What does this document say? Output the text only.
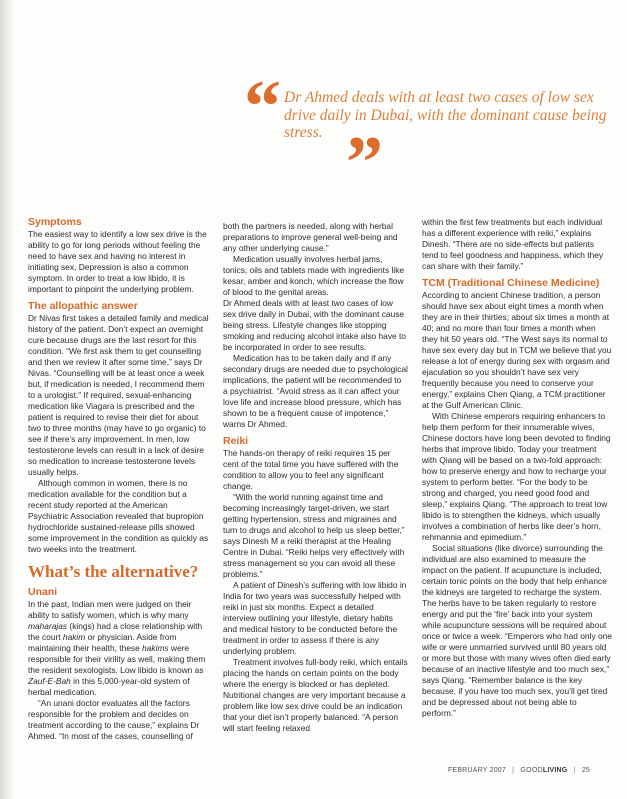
“ Dr Ahmed deals with at least two cases of low sex drive daily in Dubai, with the dominant cause being stress. ”
Symptoms

The easiest way to identify a low sex drive is the ability to go for long periods without feeling the need to have sex and having no interest in initiating sex. Depression is also a common symptom. In order to treat a low libido, it is important to pinpoint the underlying problem.

The allopathic answer

Dr Nivas first takes a detailed family and medical history of the patient. Don’t expect an overnight cure because drugs are the last resort for this condition. “We first ask them to get counselling and then we review it after some time,” says Dr Nivas. “Counselling will be at least once a week but, if medication is needed, I recommend them to a urologist.” If required, sexual-enhancing medication like Viagara is prescribed and the patient is required to revise their diet for about two to three months (may have to go organic) to see if there’s any improvement. In men, low testosterone levels can result in a lack of desire so medication to increase testosterone levels usually helps.

Although common in women, there is no medication available for the condition but a recent study reported at the American Psychiatric Association revealed that bupropion hydrochloride sustained-release pills showed some improvement in the condition as quickly as two weeks into the treatment.

What’s the alternative?
Unani

In the past, Indian men were judged on their ability to satisfy women, which is why many maharajas (kings) had a close relationship with the court hakim or physician. Aside from maintaining their health, these hakims were responsible for their virility as well, making them the resident sexologists. Low libido is known as Zauf-E-Bah in this 5,000-year-old system of herbal medication.

“An unani doctor evaluates all the factors responsible for the problem and decides on treatment according to the cause,” explains Dr Ahmed. “In most of the cases, counselling of

both the partners is needed, along with herbal preparations to improve general well-being and any other underlying cause.”

Medication usually involves herbal jams, tonics, oils and tablets made with ingredients like kesar, amber and konch, which increase the flow of blood to the genital areas.

Dr Ahmed deals with at least two cases of low sex drive daily in Dubai, with the dominant cause being stress. Lifestyle changes like stopping smoking and reducing alcohol intake also have to be incorporated in order to see results.

Medication has to be taken daily and if any secondary drugs are needed due to psychological implications, the patient will be recommended to a psychiatrist. “Avoid stress as it can affect your love life and increase blood pressure, which has shown to be a frequent cause of impotence,” warns Dr Ahmed.

Reiki

The hands-on therapy of reiki requires 15 per cent of the total time you have suffered with the condition to allow you to feel any significant change.

“With the world running against time and becoming increasingly target-driven, we start getting hypertension, stress and migraines and turn to drugs and alcohol to help us sleep better,” says Dinesh M a reiki therapist at the Healing Centre in Dubai. “Reiki helps very effectively with stress management so you can avoid all these problems.”

A patient of Dinesh’s suffering with low libido in India for two years was successfully helped with reiki in just six months. Expect a detailed interview outlining your lifestyle, dietary habits and medical history to be conducted before the treatment in order to assess if there is any underlying problem.

Treatment involves full-body reiki, which entails placing the hands on certain points on the body where the energy is blocked or has depleted. Nutritional changes are very important because a problem like low sex drive could be an indication that your diet isn’t properly balanced. “A person will start feeling relaxed

within the first few treatments but each individual has a different experience with reiki,” explains Dinesh. “There are no side-effects but patients tend to feel goodness and happiness, which they can share with their family.”

TCM (Traditional Chinese Medicine)

According to ancient Chinese tradition, a person should have sex about eight times a month when they are in their thirties; about six times a month at 40; and no more than four times a month when they hit 50 years old. “The West says its normal to have sex every day but in TCM we believe that you release a lot of energy during sex with orgasm and ejaculation so you shouldn’t have sex very frequently because you need to conserve your energy,” explains Chen Qiang, a TCM practitioner at the Gulf American Clinic.

With Chinese emperors requiring enhancers to help them perform for their innumerable wives, Chinese doctors have long been devoted to finding herbs that improve libido. Today your treatment with Qiang will be based on a two-fold approach: how to preserve energy and how to recharge your system to perform better. “For the body to be strong and charged, you need good food and sleep,” explains Qiang. “The approach to treat low libido is to strengthen the kidneys, which usually involves a combination of herbs like deer’s horn, rehmannia and epimedium.”

Social situations (like divorce) surrounding the individual are also examined to measure the impact on the patient. If acupuncture is included, certain tonic points on the body that help enhance the kidneys are targeted to recharge the system. The herbs have to be taken regularly to restore energy and put the ‘fire’ back into your system while acupuncture sessions will be required about once or twice a week. “Emperors who had only one wife or were unmarried survived until 80 years old or more but those with many wives often died early because of an inactive lifestyle and too much sex,” says Qiang. “Remember balance is the key because, if you have too much sex, you’ll get tired and be depressed about not being able to perform.”

FEBRUARY 2007 | GOODLIVING | 25
